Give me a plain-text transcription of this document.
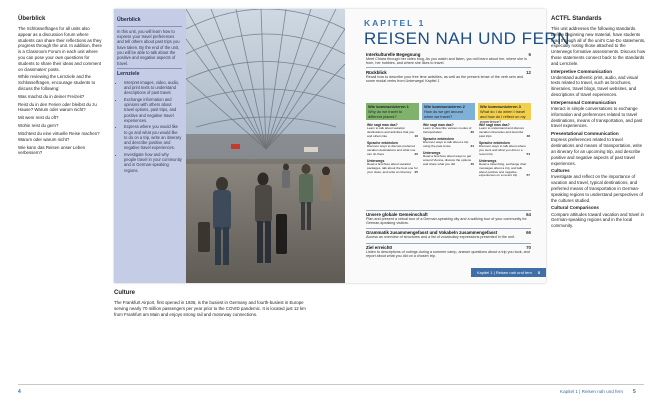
Überblick

The Schlüsselfragen for all units also appear as a discussion forum where students can share their reflections as they progress through the unit. In addition, there is a Classroom Forum in each unit where you can pose your own questions for students to share their ideas and comment on classmates' posts.

While reviewing the Lernziele and the Schlüsselfragen, encourage students to discuss the following:

Was machst du in deiner Freizeit?

Reist du in den Ferien oder bleibst du zu Hause? Warum oder warum nicht?

Mit wem reist du oft?

Wohin reist du gern?

Möchtest du eine virtuelle Reise machen? Warum oder warum nicht?

Wie kann das Reisen unser Leben verbessern?

Überblick
In this unit, you will learn how to express your travel preferences and tell others about past trips you have taken. By the end of the unit, you will be able to talk about the positive and negative aspects of travel.
Lernziele
• Interpret images, video, audio, and print texts to understand descriptions of past travel.
• Exchange information and opinions with others about travel options, past trips, and positive and negative travel experiences.
• Express where you would like to go and what you would like to do on a trip, write an itinerary and describe positive and negative travel experiences.
• Investigate how and why people travel in your community and in German-speaking regions.
KAPITEL 1
REISEN NAH UND FERN
Interkulturelle Begegnung	6
Meet Chiara through her video blog, As you watch and listen, you will learn about her, where she is from, her hobbies, and where she likes to travel.
Rückblick	12
Recall how to describe your free time activities, as well as the present tense of the verb sein and some modal verbs from Unterwegs! Kapitel 1
Wie kommunizieren 1
Why do we travel to different places?
Wie sagt man das?
Learn to talk about vacation destinations and activities that you and others like	16
Sprache entdecken
Discover ways to discuss preferred vacation destinations and what one can do there	20
Unterwegs
Read a brochure about vacation packages, talk about the best one for your class, and write an itinerary 25
Wie kommunizieren 2
How do we get around when we travel?
Wie sagt man das?
Learn to describe various modes of transportation	30
Sprache entdecken
Discover ways to talk about a trip using the past tense	34
Unterwegs
Read a brochure about ways to get around Vienna, discuss the options and share what you did	40
Wie kommunizieren 3
What do I do when I travel and how do I reflect on my experience?
Wie sagt man das?
Learn to understand and discuss vacation itineraries and describe past trips	48
Sprache entdecken
Discover ways to talk about where you went and what you did on a recent trip	54
Unterwegs
Read a travel blog, exchange chat messages about a trip, and talk about positive and negative experiences on a recent trip	57
Unsere globale Gemeinschaft	64
Plan and present a virtual tour of a German-speaking city and a walking tour of your community for German-speaking visitors.
Grammatik zusammengefasst und Vokabeln zusammengefasst	66
Access an overview of structures and a list of vocabulary expressions presented in the unit.
Ziel erreicht!	70
Listen to descriptions of outings during a summer camp, answer questions about a trip you took, and report about what you did on a chosen trip.
Kapitel 1 | Reisen nah und fern 5
ACTFL Standards

This unit addresses the following standards. Before beginning new material, have students read through all of the unit's Can-Do statements, especially noting those attached to the Unterwegs formative assessments. Discuss how those statements connect back to the standards and Lernziele.

Interpretive Communication

Understand authentic print, audio, and visual texts related to travel, such as brochures, itineraries, travel blogs, travel websites, and descriptions of travel experiences.

Interpersonal Communication

Interact in simple conversations to exchange information and preferences related to travel destinations, means of transportation, and past travel experiences.

Presentational Communication

Express preferences related to travel destinations and means of transportation, write an itinerary for an upcoming trip, and describe positive and negative aspects of past travel experiences.

Cultures

Investigate and reflect on the importance of vacation and travel, typical destinations, and preferred means of transportation in German-speaking regions to understand perspectives of the cultures studied.

Cultural Comparisons

Compare attitudes toward vacation and travel in German-speaking regions and in the local community.

Culture
The Frankfurt Airport, first opened in 1936, is the busiest in Germany and fourth-busiest in Europe serving nearly 70 million passengers per year prior to the COVID pandemic. It is located just 12 km from Frankfurt am Main and enjoys strong rail and motorway connections.
4	Kapitel 1 | Reisen nah und fern 5
